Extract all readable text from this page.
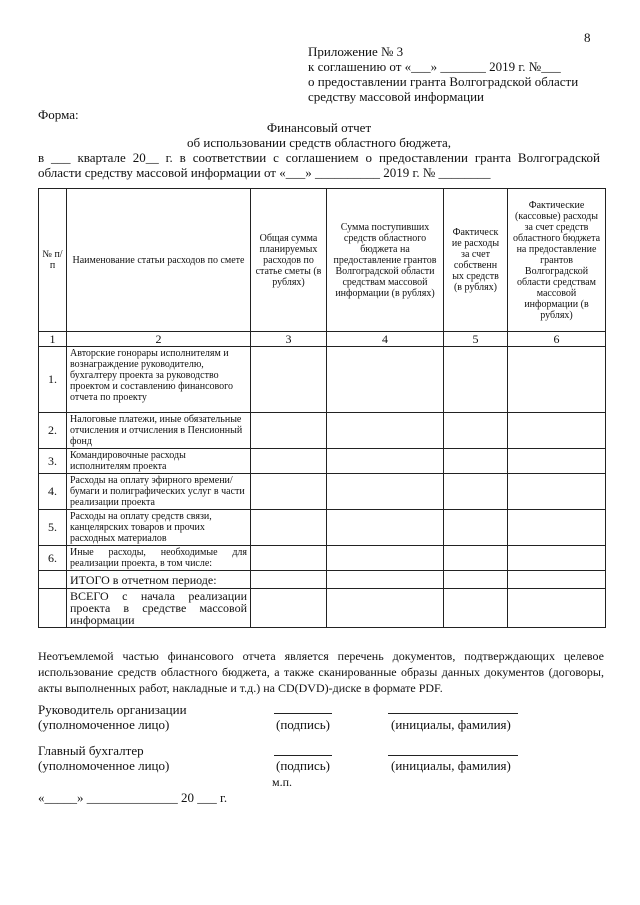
8
Приложение № 3
к соглашению от «___» _______ 2019 г. №___
о предоставлении гранта Волгоградской области
средству массовой информации
Форма:
Финансовый отчет
об использовании средств областного бюджета,
в ___ квартале 20__ г. в соответствии с соглашением о предоставлении гранта Волгоградской
области средству массовой информации от «___» __________ 2019 г. № ________
№ п/п	Наименование статьи расходов по смете	Общая сумма планируемых расходов по статье сметы (в рублях)	Сумма поступивших средств областного бюджета на предоставление грантов Волгоградской области средствам массовой информации (в рублях)	Фактическ ие расходы за счет собственн ых средств (в рублях)	Фактические (кассовые) расходы за счет средств областного бюджета на предоставление грантов Волгоградской области средствам массовой информации (в рублях)
1	2	3	4	5	6
1.	Авторские гонорары исполнителям и вознаграждение руководителю, бухгалтеру проекта за руководство проектом и составлению финансового отчета по проекту				
2.	Налоговые платежи, иные обязательные отчисления и отчисления в Пенсионный фонд				
3.	Командировочные расходы исполнителям проекта				
4.	Расходы на оплату эфирного времени/бумаги и полиграфических услуг в части реализации проекта				
5.	Расходы на оплату средств связи, канцелярских товаров и прочих расходных материалов				
6.	Иные расходы, необходимые для реализации проекта, в том числе:				
	ИТОГО в отчетном периоде:				
	ВСЕГО с начала реализации проекта в средстве массовой информации				
Неотъемлемой частью финансового отчета является перечень документов, подтверждающих целевое использование средств областного бюджета, а также сканированные образы данных документов (договоры, акты выполненных работ, накладные и т.д.) на CD(DVD)-диске в формате PDF.
Руководитель организации
(уполномоченное лицо)	(подпись)	(инициалы, фамилия)
Главный бухгалтер
(уполномоченное лицо)	(подпись)	(инициалы, фамилия)
м.п.
«_____» ______________ 20 ___ г.
